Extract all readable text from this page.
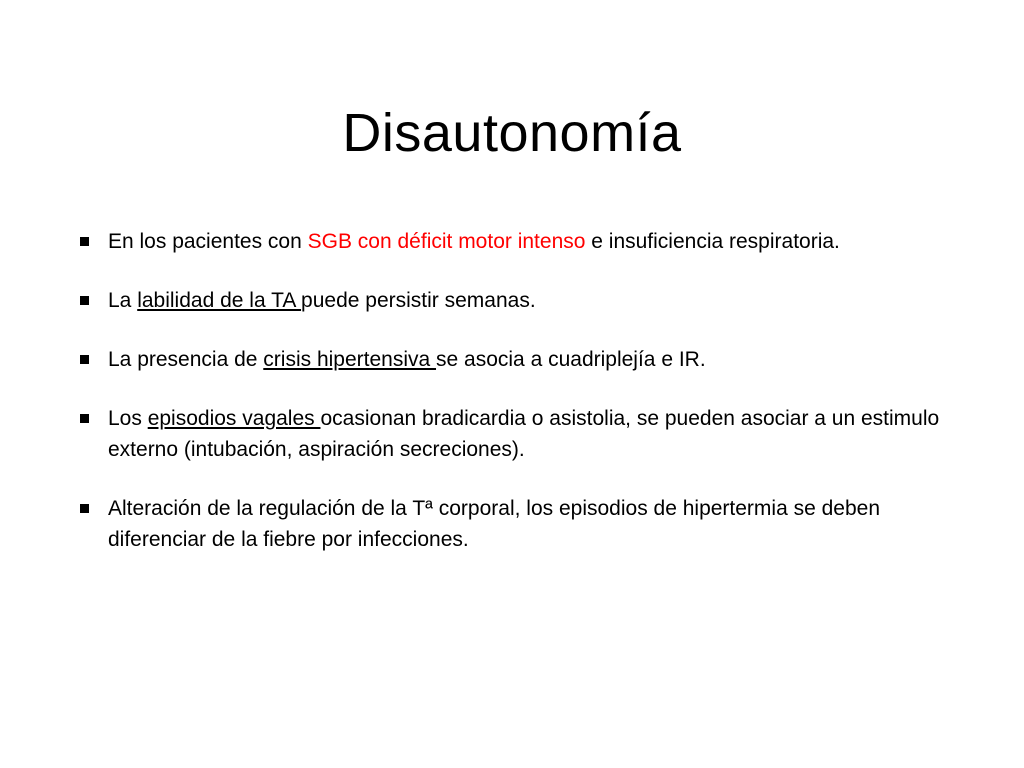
Disautonomía
En los pacientes con SGB con déficit motor intenso e insuficiencia respiratoria.
La labilidad de la TA puede persistir semanas.
La presencia de crisis hipertensiva se asocia a cuadriplejía e IR.
Los episodios vagales ocasionan bradicardia o asistolia, se pueden asociar a un estimulo externo (intubación, aspiración secreciones).
Alteración de la regulación de la Tª corporal, los episodios de hipertermia se deben diferenciar de la fiebre por infecciones.
